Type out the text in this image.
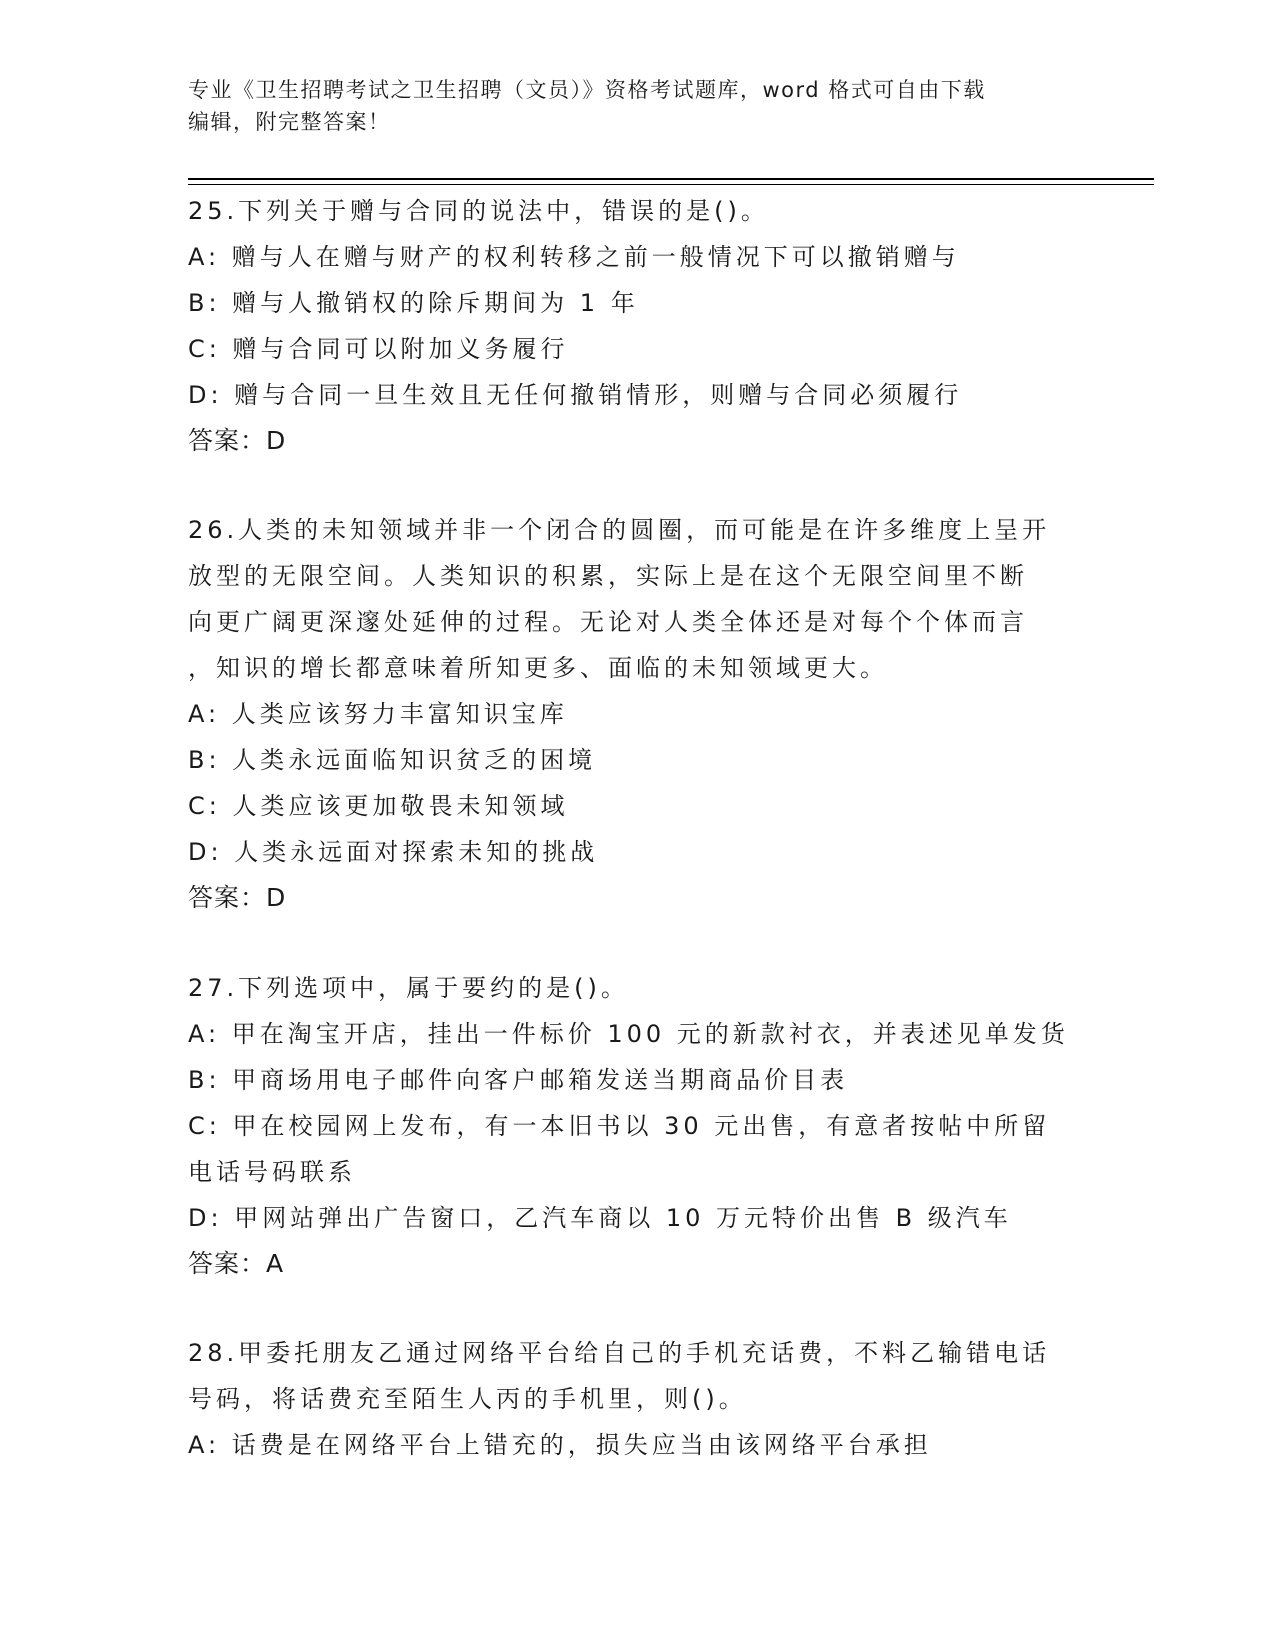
专业《卫生招聘考试之卫生招聘（文员）》资格考试题库，word 格式可自由下载
编辑，附完整答案！

25.下列关于赠与合同的说法中，错误的是()。

A: 赠与人在赠与财产的权利转移之前一般情况下可以撤销赠与

B: 赠与人撤销权的除斥期间为 1 年

C: 赠与合同可以附加义务履行

D: 赠与合同一旦生效且无任何撤销情形，则赠与合同必须履行

答案：D

26.人类的未知领域并非一个闭合的圆圈，而可能是在许多维度上呈开

放型的无限空间。人类知识的积累，实际上是在这个无限空间里不断

向更广阔更深邃处延伸的过程。无论对人类全体还是对每个个体而言

，知识的增长都意味着所知更多、面临的未知领域更大。

A: 人类应该努力丰富知识宝库

B: 人类永远面临知识贫乏的困境

C: 人类应该更加敬畏未知领域

D: 人类永远面对探索未知的挑战

答案：D

27.下列选项中，属于要约的是()。

A: 甲在淘宝开店，挂出一件标价 100 元的新款衬衣，并表述见单发货

B: 甲商场用电子邮件向客户邮箱发送当期商品价目表

C: 甲在校园网上发布，有一本旧书以 30 元出售，有意者按帖中所留

电话号码联系

D: 甲网站弹出广告窗口，乙汽车商以 10 万元特价出售 B 级汽车

答案：A

28.甲委托朋友乙通过网络平台给自己的手机充话费，不料乙输错电话

号码，将话费充至陌生人丙的手机里，则()。

A: 话费是在网络平台上错充的，损失应当由该网络平台承担
